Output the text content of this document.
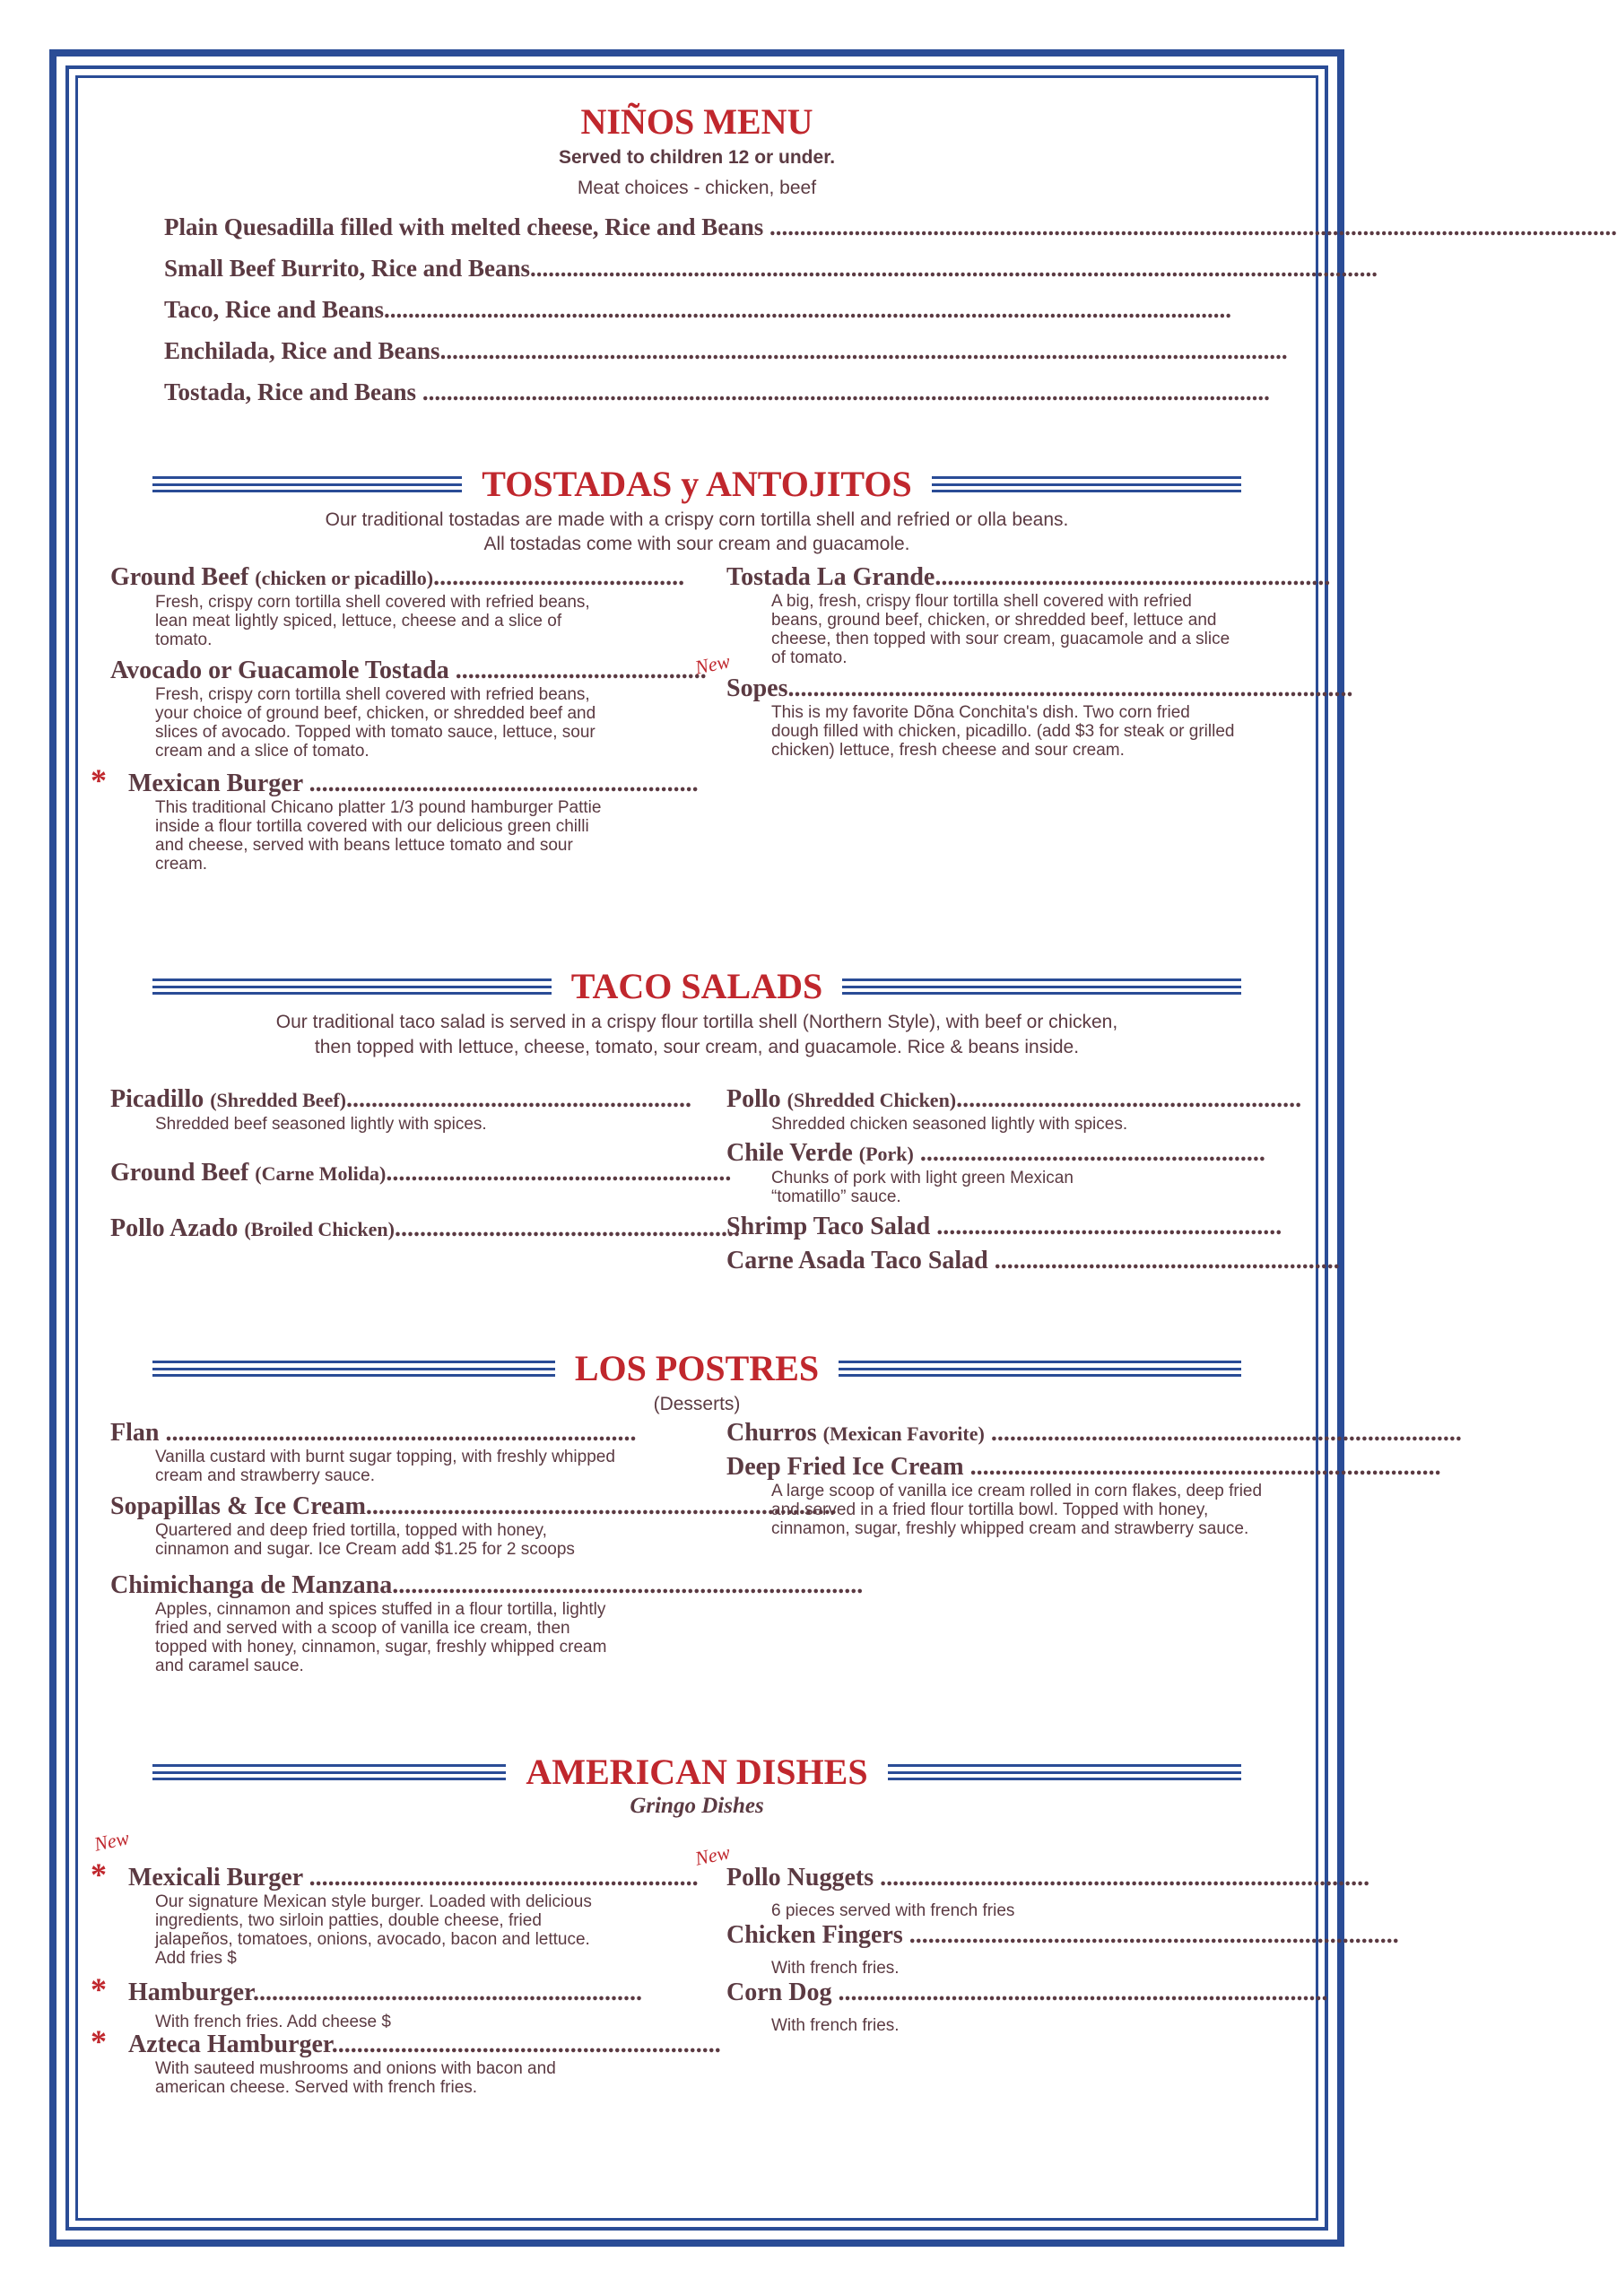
NIÑOS MENU
Served to children 12 or under.
Meat choices - chicken, beef
Plain Quesadilla filled with melted cheese, Rice and Beans ............................................................................................................................................
Small Beef Burrito, Rice and Beans............................................................................................................................................
Taco, Rice and Beans............................................................................................................................................
Enchilada, Rice and Beans............................................................................................................................................
Tostada, Rice and Beans ............................................................................................................................................
TOSTADAS y ANTOJITOS
Our traditional tostadas are made with a crispy corn tortilla shell and refried or olla beans.
All tostadas come with sour cream and guacamole.
Ground Beef (chicken or picadillo)........................................
Fresh, crispy corn tortilla shell covered with refried beans, lean meat lightly spiced, lettuce, cheese and a slice of tomato.
Avocado or Guacamole Tostada ........................................
Fresh, crispy corn tortilla shell covered with refried beans, your choice of ground beef, chicken, or shredded beef and slices of avocado. Topped with tomato sauce, lettuce, sour cream and a slice of tomato.
* Mexican Burger ..............................................................
This traditional Chicano platter 1/3 pound hamburger Pattie inside a flour tortilla covered with our delicious green chilli and cheese, served with beans lettuce tomato and sour cream.
Tostada La Grande...............................................................
A big, fresh, crispy flour tortilla shell covered with refried beans, ground beef, chicken, or shredded beef, lettuce and cheese, then topped with sour cream, guacamole and a slice of tomato.
New
Sopes..........................................................................................
This is my favorite Dõna Conchita's dish. Two corn fried dough filled with chicken, picadillo. (add $3 for steak or grilled chicken) lettuce, fresh cheese and sour cream.
TACO SALADS
Our traditional taco salad is served in a crispy flour tortilla shell (Northern Style), with beef or chicken,
then topped with lettuce, cheese, tomato, sour cream, and guacamole. Rice & beans inside.
Picadillo (Shredded Beef).......................................................
Shredded beef seasoned lightly with spices.
Ground Beef (Carne Molida).......................................................
Pollo Azado (Broiled Chicken).......................................................
Pollo (Shredded Chicken).......................................................
Shredded chicken seasoned lightly with spices.
Chile Verde (Pork) .......................................................
Chunks of pork with light green Mexican “tomatillo” sauce.
Shrimp Taco Salad .......................................................
Carne Asada Taco Salad .......................................................
LOS POSTRES
(Desserts)
Flan ...........................................................................
Vanilla custard with burnt sugar topping, with freshly whipped cream and strawberry sauce.
Sopapillas & Ice Cream...........................................................................
Quartered and deep fried tortilla, topped with honey, cinnamon and sugar. Ice Cream add $1.25 for 2 scoops
Chimichanga de Manzana...........................................................................
Apples, cinnamon and spices stuffed in a flour tortilla, lightly fried and served with a scoop of vanilla ice cream, then topped with honey, cinnamon, sugar, freshly whipped cream and caramel sauce.
Churros (Mexican Favorite) ...........................................................................
Deep Fried Ice Cream ...........................................................................
A large scoop of vanilla ice cream rolled in corn flakes, deep fried and served in a fried flour tortilla bowl. Topped with honey, cinnamon, sugar, freshly whipped cream and strawberry sauce.
AMERICAN DISHES
Gringo Dishes
New
* Mexicali Burger ..............................................................
Our signature Mexican style burger. Loaded with delicious ingredients, two sirloin patties, double cheese, fried jalapeños, tomatoes, onions, avocado, bacon and lettuce. Add fries $
* Hamburger..............................................................
With french fries. Add cheese $
* Azteca Hamburger..............................................................
With sauteed mushrooms and onions with bacon and american cheese. Served with french fries.
New
Pollo Nuggets ..............................................................................
6 pieces served with french fries
Chicken Fingers ..............................................................................
With french fries.
Corn Dog ..............................................................................
With french fries.
